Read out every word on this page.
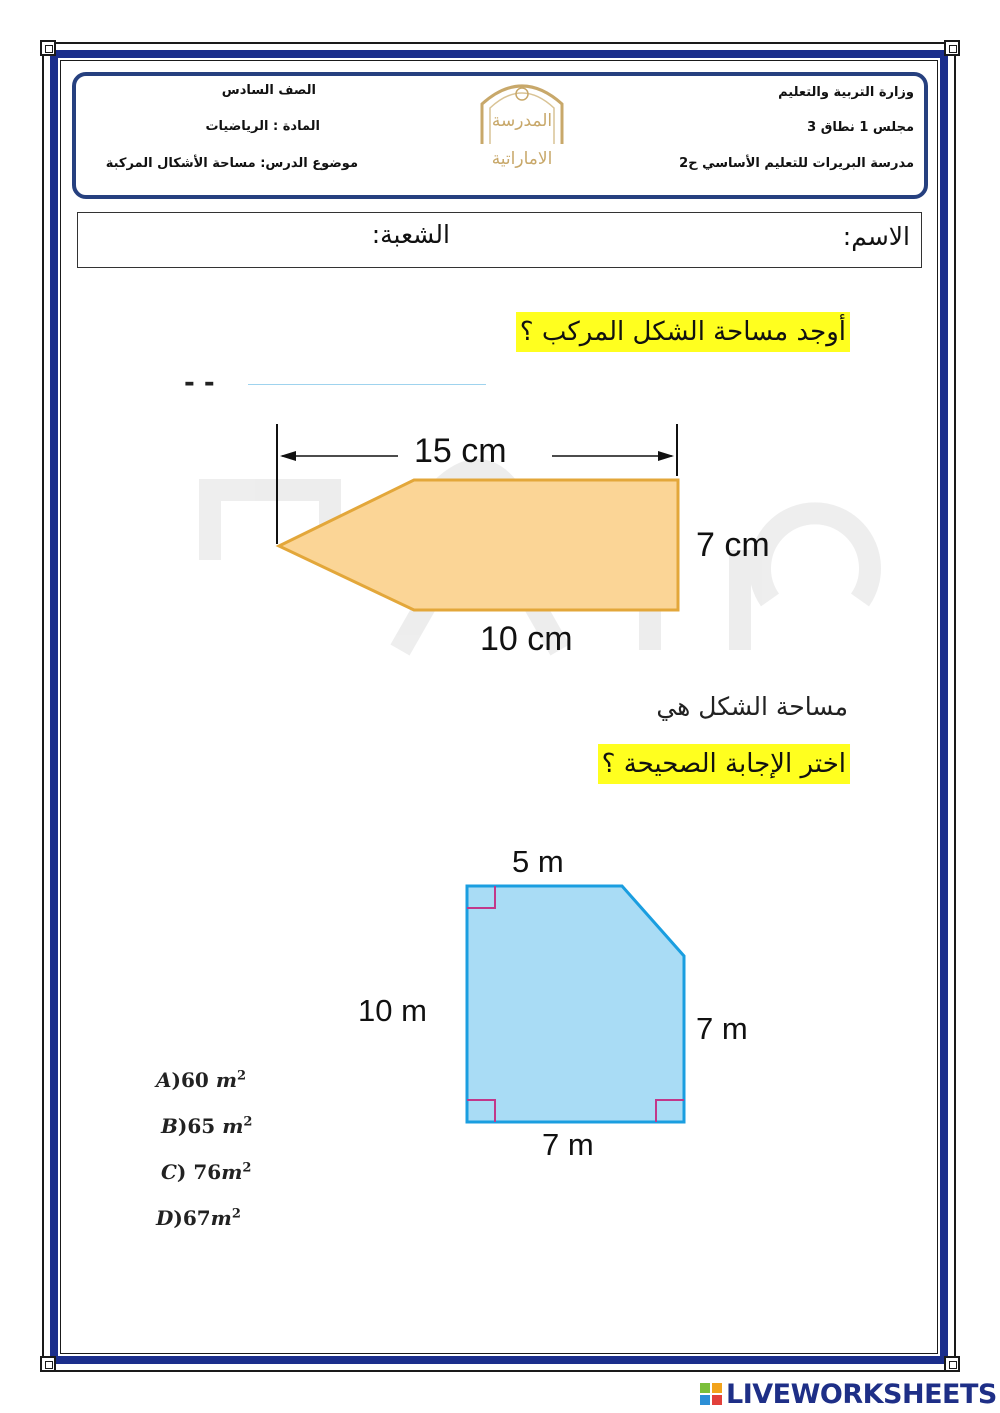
وزارة التربية والتعليم
مجلس 1 نطاق 3
مدرسة البريرات للتعليم الأساسي ح2
الصف السادس
المادة : الرياضيات
موضوع الدرس: مساحة الأشكال المركبة
المدرسة الاماراتية
الاسم:
الشعبة:
أوجد مساحة الشكل المركب ؟
- -
15 cm
7 cm
10 cm
مساحة الشكل هي
اختر الإجابة الصحيحة ؟
5 m
10 m
7 m
7 m
A)60 $m^2$
B)65 $m^2$
C) $76m^2$
$D)67m^2$
LIVEWORKSHEETS
